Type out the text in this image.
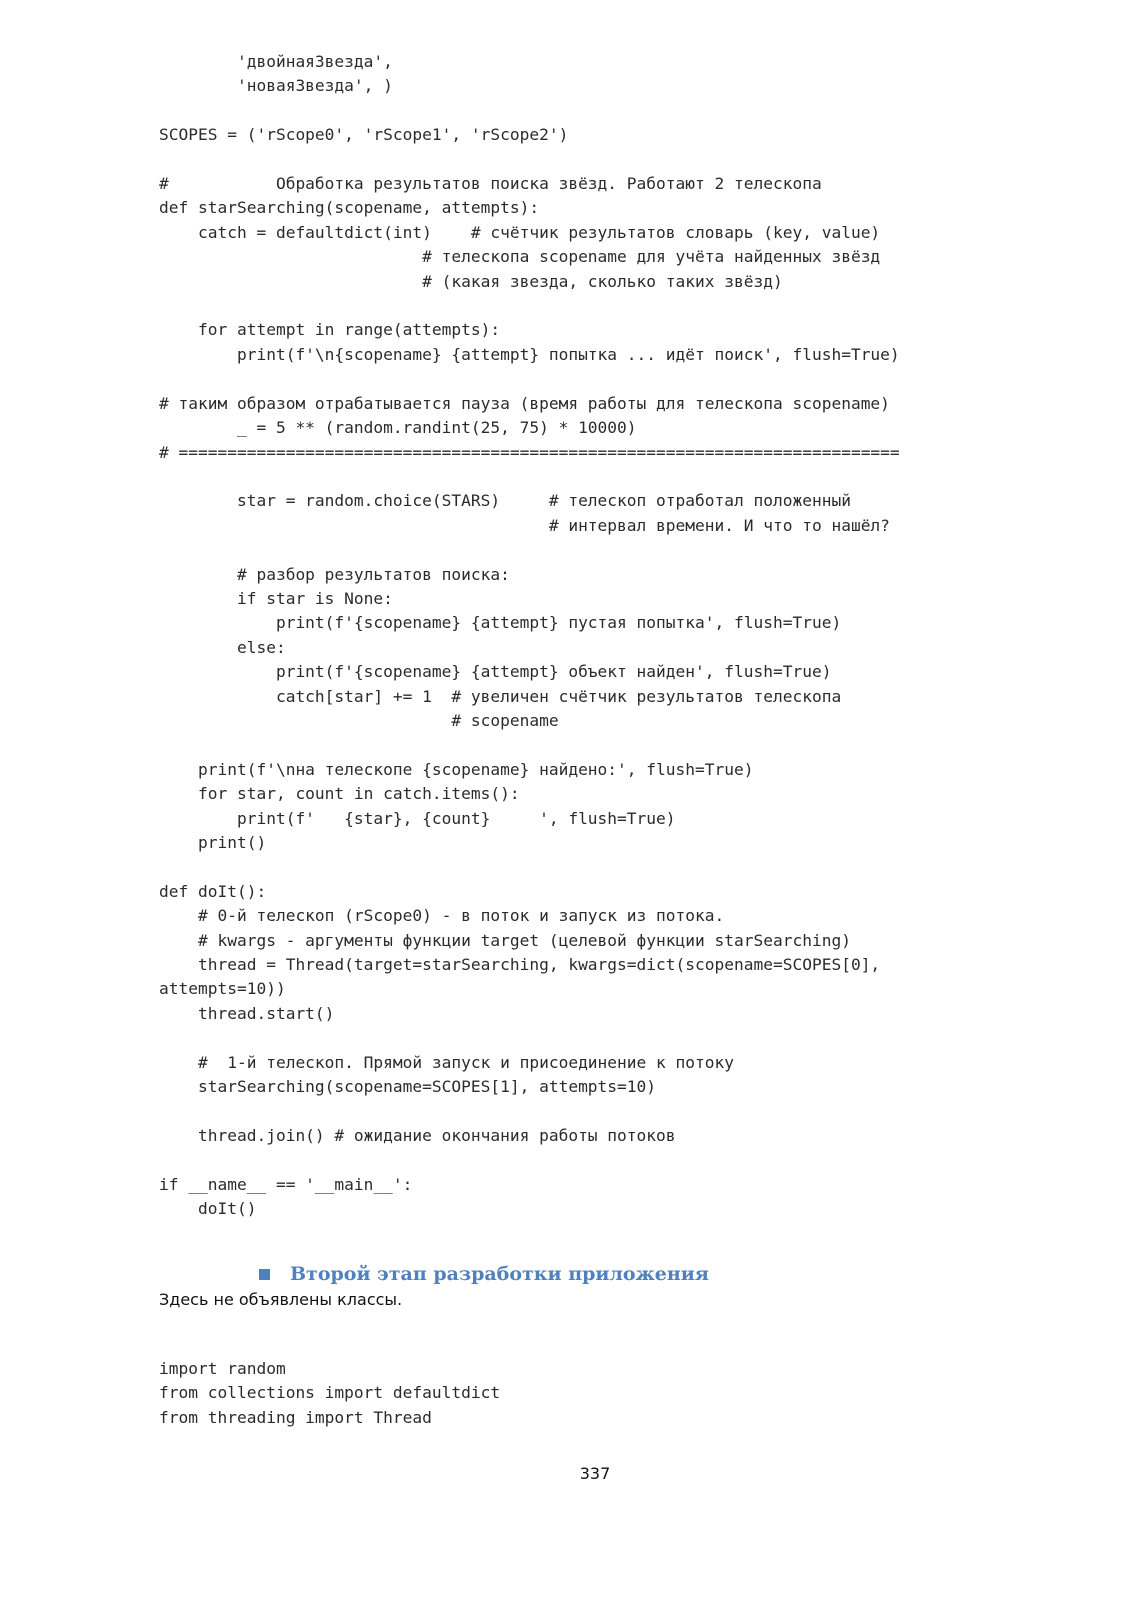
'двойнаяЗвезда',
'новаяЗвезда', )

SCOPES = ('rScope0', 'rScope1', 'rScope2')

#           Обработка результатов поиска звёзд. Работают 2 телескопа
def starSearching(scopename, attempts):
catch = defaultdict(int)    # счётчик результатов словарь (key, value)
# телескопа scopename для учёта найденных звёзд
# (какая звезда, сколько таких звёзд)

for attempt in range(attempts):
print(f'\n{scopename} {attempt} попытка ... идёт поиск', flush=True)

# таким образом отрабатывается пауза (время работы для телескопа scopename)
_ = 5 ** (random.randint(25, 75) * 10000)
# ==========================================================================

star = random.choice(STARS)     # телескоп отработал положенный
# интервал времени. И что то нашёл?

# разбор результатов поиска:
if star is None:
print(f'{scopename} {attempt} пустая попытка', flush=True)
else:
print(f'{scopename} {attempt} объект найден', flush=True)
catch[star] += 1  # увеличен счётчик результатов телескопа
# scopename

print(f'\nна телескопе {scopename} найдено:', flush=True)
for star, count in catch.items():
print(f'   {star}, {count}     ', flush=True)
print()

def doIt():
# 0-й телескоп (rScope0) - в поток и запуск из потока.
# kwargs - аргументы функции target (целевой функции starSearching)
thread = Thread(target=starSearching, kwargs=dict(scopename=SCOPES[0],
attempts=10))
thread.start()

#  1-й телескоп. Прямой запуск и присоединение к потоку
starSearching(scopename=SCOPES[1], attempts=10)

thread.join() # ожидание окончания работы потоков

if __name__ == '__main__':
doIt()
Второй этап разработки приложения

Здесь не объявлены классы.

import random
from collections import defaultdict
from threading import Thread
337
